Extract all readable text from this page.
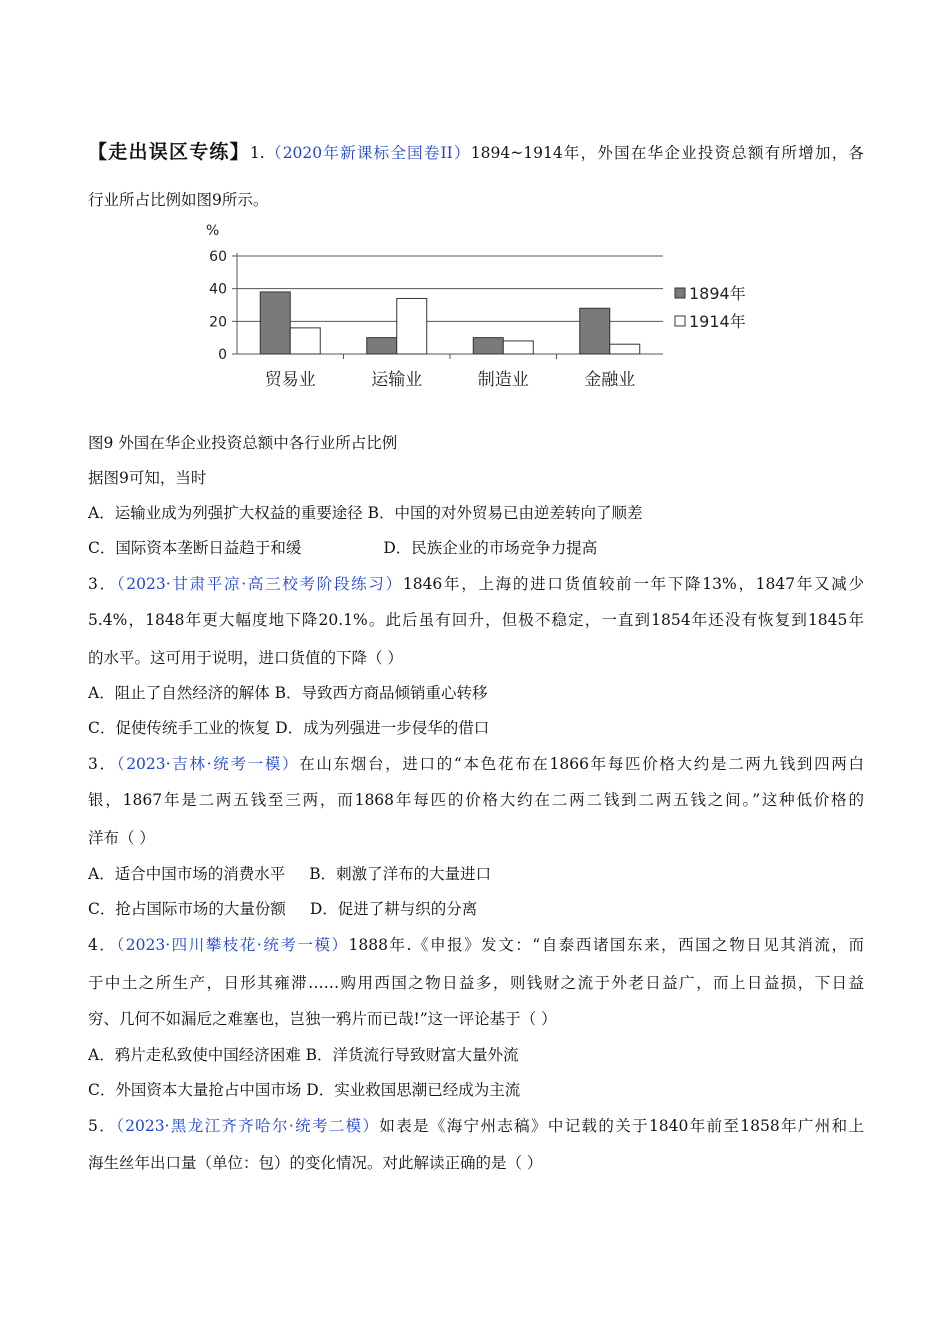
【走出误区专练】1.（2020年新课标全国卷II）1894~1914年，外国在华企业投资总额有所增加，各
行业所占比例如图9所示。
%
0
20
40
60
贸易业	运输业	制造业	金融业
1894年
1914年
图9 外国在华企业投资总额中各行业所占比例
据图9可知，当时
A．运输业成为列强扩大权益的重要途径 B．中国的对外贸易已由逆差转向了顺差
C．国际资本垄断日益趋于和缓	D．民族企业的市场竞争力提高
3．（2023·甘肃平凉·高三校考阶段练习）1846年，上海的进口货值较前一年下降13%，1847年又减少
5.4%，1848年更大幅度地下降20.1%。此后虽有回升，但极不稳定，一直到1854年还没有恢复到1845年
的水平。这可用于说明，进口货值的下降（ ）
A．阻止了自然经济的解体 B．导致西方商品倾销重心转移
C．促使传统手工业的恢复 D．成为列强进一步侵华的借口
3．（2023·吉林·统考一模）在山东烟台，进口的“本色花布在1866年每匹价格大约是二两九钱到四两白
银，1867年是二两五钱至三两，而1868年每匹的价格大约在二两二钱到二两五钱之间。”这种低价格的
洋布（ ）
A．适合中国市场的消费水平 B．刺激了洋布的大量进口
C．抢占国际市场的大量份额 D．促进了耕与织的分离
4．（2023·四川攀枝花·统考一模）1888年.《申报》发文：“自泰西诸国东来，西国之物日见其消流，而
于中土之所生产，日形其雍滞……购用西国之物日益多，则钱财之流于外老日益广，而上日益损，下日益
穷、几何不如漏卮之难塞也，岂独一鸦片而已哉!”这一评论基于（ ）
A．鸦片走私致使中国经济困难 B．洋货流行导致财富大量外流
C．外国资本大量抢占中国市场 D．实业救国思潮已经成为主流
5．（2023·黑龙江齐齐哈尔·统考二模）如表是《海宁州志稿》中记载的关于1840年前至1858年广州和上
海生丝年出口量（单位：包）的变化情况。对此解读正确的是（ ）
